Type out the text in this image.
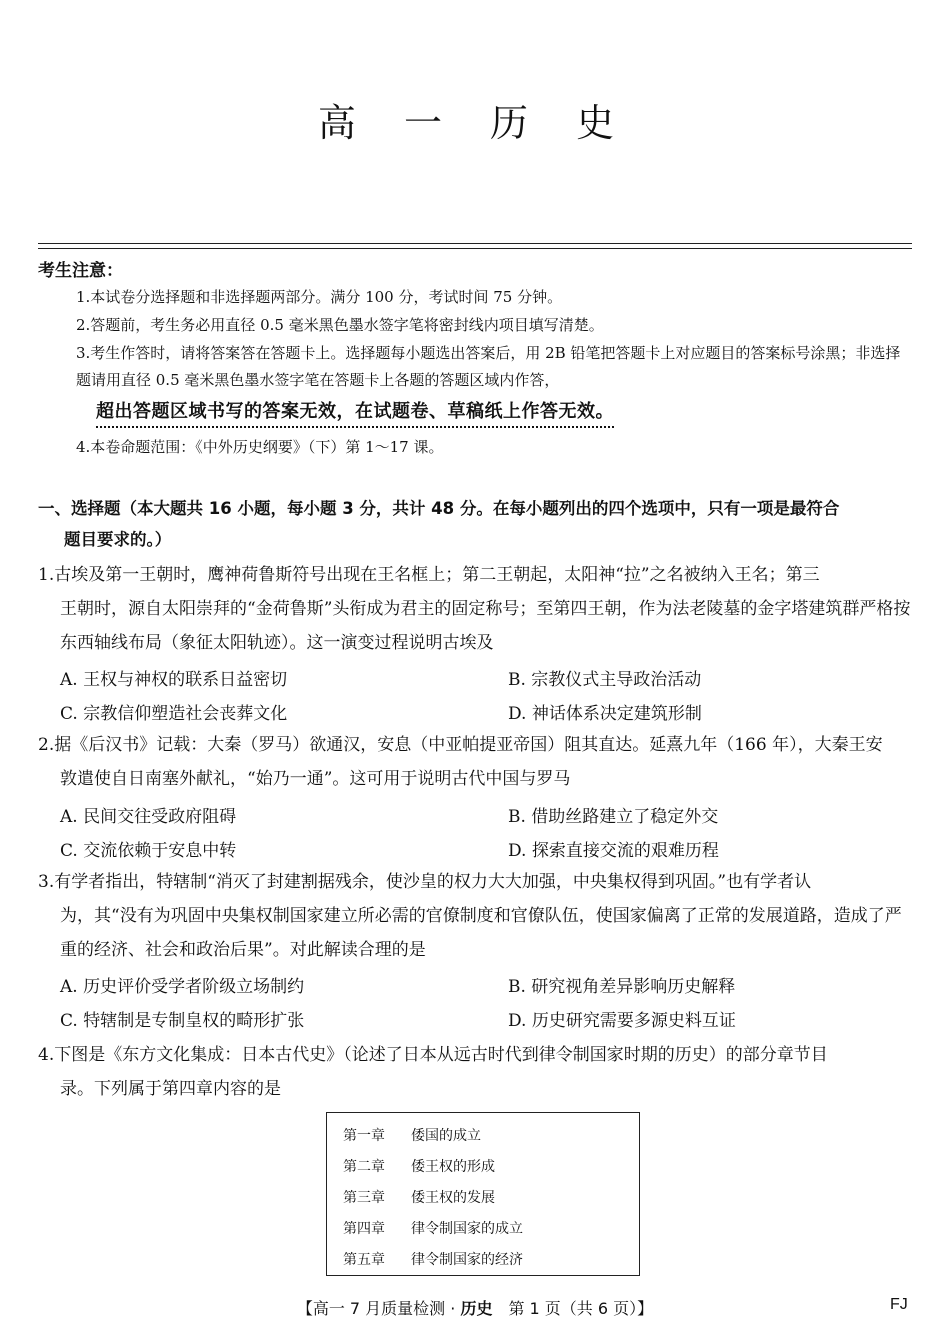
高 一 历 史
考生注意：
1.本试卷分选择题和非选择题两部分。满分 100 分，考试时间 75 分钟。
2.答题前，考生务必用直径 0.5 毫米黑色墨水签字笔将密封线内项目填写清楚。
3.考生作答时，请将答案答在答题卡上。选择题每小题选出答案后，用 2B 铅笔把答题卡上对应题目的答案标号涂黑；非选择题请用直径 0.5 毫米黑色墨水签字笔在答题卡上各题的答题区域内作答，
超出答题区域书写的答案无效，在试题卷、草稿纸上作答无效。
4.本卷命题范围：《中外历史纲要》（下）第 1～17 课。
一、选择题（本大题共 16 小题，每小题 3 分，共计 48 分。在每小题列出的四个选项中，只有一项是最符合
题目要求的。）
1.古埃及第一王朝时，鹰神荷鲁斯符号出现在王名框上；第二王朝起，太阳神“拉”之名被纳入王名；第三
王朝时，源自太阳崇拜的“金荷鲁斯”头衔成为君主的固定称号；至第四王朝，作为法老陵墓的金字塔建筑群严格按东西轴线布局（象征太阳轨迹）。这一演变过程说明古埃及
A. 王权与神权的联系日益密切	B. 宗教仪式主导政治活动
C. 宗教信仰塑造社会丧葬文化	D. 神话体系决定建筑形制
2.据《后汉书》记载：大秦（罗马）欲通汉，安息（中亚帕提亚帝国）阻其直达。延熹九年（166 年），大秦王安
敦遣使自日南塞外献礼，“始乃一通”。这可用于说明古代中国与罗马
A. 民间交往受政府阻碍	B. 借助丝路建立了稳定外交
C. 交流依赖于安息中转	D. 探索直接交流的艰难历程
3.有学者指出，特辖制“消灭了封建割据残余，使沙皇的权力大大加强，中央集权得到巩固。”也有学者认
为，其“没有为巩固中央集权制国家建立所必需的官僚制度和官僚队伍，使国家偏离了正常的发展道路，造成了严重的经济、社会和政治后果”。对此解读合理的是
A. 历史评价受学者阶级立场制约	B. 研究视角差异影响历史解释
C. 特辖制是专制皇权的畸形扩张	D. 历史研究需要多源史料互证
4.下图是《东方文化集成：日本古代史》（论述了日本从远古时代到律令制国家时期的历史）的部分章节目
录。下列属于第四章内容的是
第一章 倭国的成立
第二章 倭王权的形成
第三章 倭王权的发展
第四章 律令制国家的成立
第五章 律令制国家的经济
【高一 7 月质量检测 · 历史　第 1 页（共 6 页）】	FJ
